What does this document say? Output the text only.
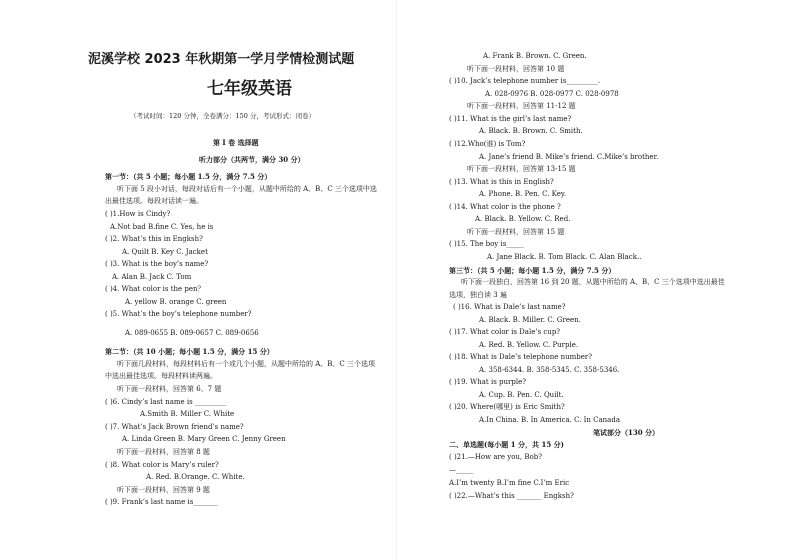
泥溪学校 2023 年秋期第一学月学情检测试题
七年级英语
（考试时间：120 分钟，全卷满分：150 分，考试形式：闭卷）
第 I 卷 选择题
听力部分（共两节，满分 30 分）
第一节：（共 5 小题；每小题 1.5 分，满分 7.5 分）
听下面 5 段小对话，每段对话后有一个小题，从题中所给的 A、B、C 三个选项中选
出最佳选项。每段对话读一遍。
( )1.How is Cindy?
A.Not bad B.fine C. Yes, he is
( )2. What’s this in Engksh?
A. Quilt B. Key C. Jacket
( )3. What is the boy’s name?
A. Alan B. Jack C. Tom
( )4. What color is the pen？
A. yellow B. orange C. green
( )5. What’s the boy’s telephone number?
A. 089-0655 B. 089-0657 C. 089-0656
第二节：（共 10 小题；每小题 1.5 分，满分 15 分）
听下面几段材料，每段材料后有一个或几个小题，从题中所给的 A、B、C 三个选项
中选出最佳选项。每段材料读两遍。
听下面一段材料，回答第 6、7 题
( )6. Cindy’s last name is _________
A.Smith B. Miller C. White
( )7. What’s Jack Brown friend’s name?
A. Linda Green B. Mary Green C. Jenny Green
听下面一段材料，回答第 8 题
( )8. What color is Mary’s ruler?
A. Red. B.Orange. C. White.
听下面一段材料，回答第 9 题
( )9. Frank’s last name is_______
A. Frank B. Brown. C. Green.
听下面一段材料，回答第 10 题
( )10. Jack’s telephone number is_________.
A. 028-0976 B. 028-0977 C. 028-0978
听下面一段材料，回答第 11-12 题
( )11. What is the girl’s last name?
A. Black. B. Brown. C. Smith.
( )12.Who(谁) is Tom?
A. Jane’s friend B. Mike’s friend. C.Mike’s brother.
听下面一段材料，回答第 13-15 题
( )13. What is this in English?
A. Phone. B. Pen. C. Key.
( )14. What color is the phone ?
A. Black. B. Yellow. C. Red.
听下面一段材料，回答第 15 题
( )15. The boy is_____
A. Jane Black. B. Tom Black. C. Alan Black..
第三节：（共 5 小题；每小题 1.5 分，满分 7.5 分）
听下面一段独白，回答第 16 到 20 题，从题中所给的 A、B、C 三个选项中选出最佳
选项，独白读 3 遍
( )16. What is Dale’s last name?
A. Black. B. Miller. C. Green.
( )17. What color is Dale’s cup?
A. Red. B. Yellow. C. Purple.
( )18. What is Dale’s telephone number?
A. 358-6344. B. 358-5345. C. 358-5346.
( )19. What is purple?
A. Cup. B. Pen. C. Quilt.
( )20. Where(哪里) is Eric Smith?
A.In China. B. In America. C. In Canada
笔试部分（130 分）
二、单选题(每小题 1 分，共 15 分)
( )21.—How are you, Bob?
—_____
A.I’m twenty B.I’m fine C.I’m Eric
( )22.—What’s this _______ Engksh?
